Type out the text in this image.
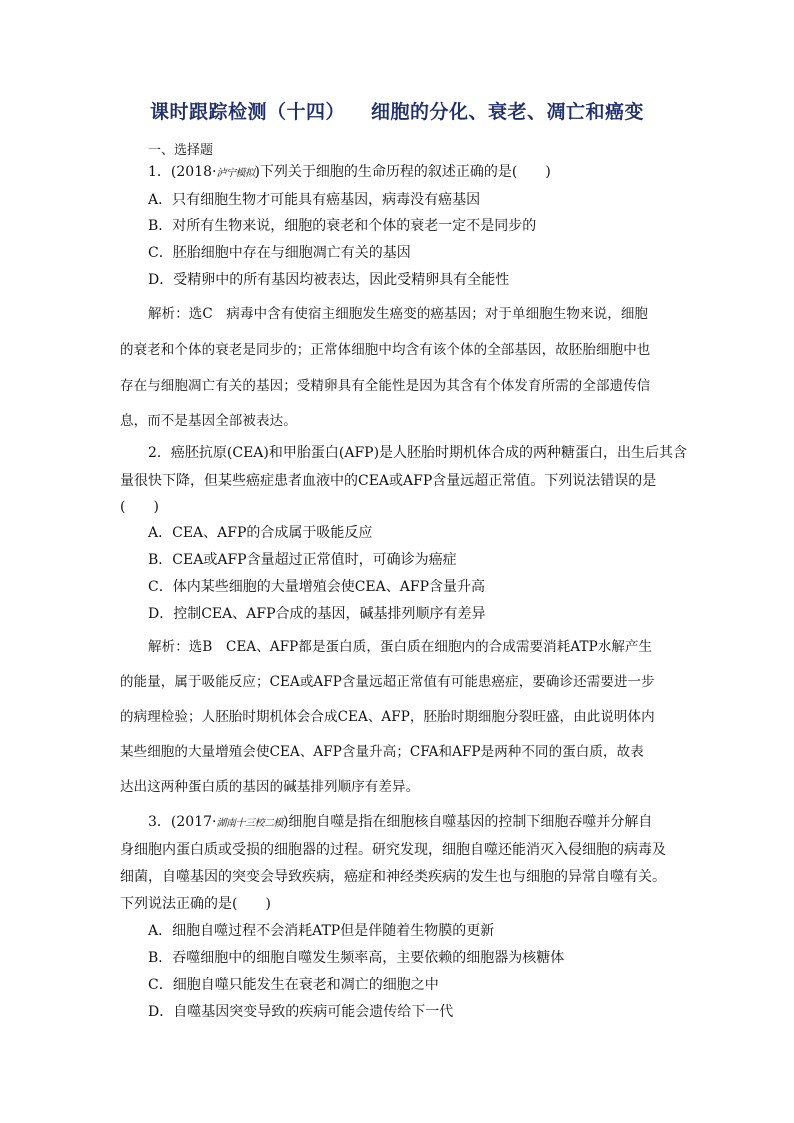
课时跟踪检测（十四） 细胞的分化、衰老、凋亡和癌变
一、选择题
1．(2018·泸宁模拟)下列关于细胞的生命历程的叙述正确的是(　　)
A．只有细胞生物才可能具有癌基因，病毒没有癌基因
B．对所有生物来说，细胞的衰老和个体的衰老一定不是同步的
C．胚胎细胞中存在与细胞凋亡有关的基因
D．受精卵中的所有基因均被表达，因此受精卵具有全能性
解析：选C　病毒中含有使宿主细胞发生癌变的癌基因；对于单细胞生物来说，细胞
的衰老和个体的衰老是同步的；正常体细胞中均含有该个体的全部基因，故胚胎细胞中也
存在与细胞凋亡有关的基因；受精卵具有全能性是因为其含有个体发育所需的全部遗传信
息，而不是基因全部被表达。
2．癌胚抗原(CEA)和甲胎蛋白(AFP)是人胚胎时期机体合成的两种糖蛋白，出生后其含
量很快下降，但某些癌症患者血液中的CEA或AFP含量远超正常值。下列说法错误的是
(　　)
A．CEA、AFP的合成属于吸能反应
B．CEA或AFP含量超过正常值时，可确诊为癌症
C．体内某些细胞的大量增殖会使CEA、AFP含量升高
D．控制CEA、AFP合成的基因，碱基排列顺序有差异
解析：选B　CEA、AFP都是蛋白质，蛋白质在细胞内的合成需要消耗ATP水解产生
的能量，属于吸能反应；CEA或AFP含量远超正常值有可能患癌症，要确诊还需要进一步
的病理检验；人胚胎时期机体会合成CEA、AFP，胚胎时期细胞分裂旺盛，由此说明体内
某些细胞的大量增殖会使CEA、AFP含量升高；CFA和AFP是两种不同的蛋白质，故表
达出这两种蛋白质的基因的碱基排列顺序有差异。
3．(2017·湖南十三校二模)细胞自噬是指在细胞核自噬基因的控制下细胞吞噬并分解自
身细胞内蛋白质或受损的细胞器的过程。研究发现，细胞自噬还能消灭入侵细胞的病毒及
细菌，自噬基因的突变会导致疾病，癌症和神经类疾病的发生也与细胞的异常自噬有关。
下列说法正确的是(　　)
A．细胞自噬过程不会消耗ATP但是伴随着生物膜的更新
B．吞噬细胞中的细胞自噬发生频率高，主要依赖的细胞器为核糖体
C．细胞自噬只能发生在衰老和凋亡的细胞之中
D．自噬基因突变导致的疾病可能会遗传给下一代
